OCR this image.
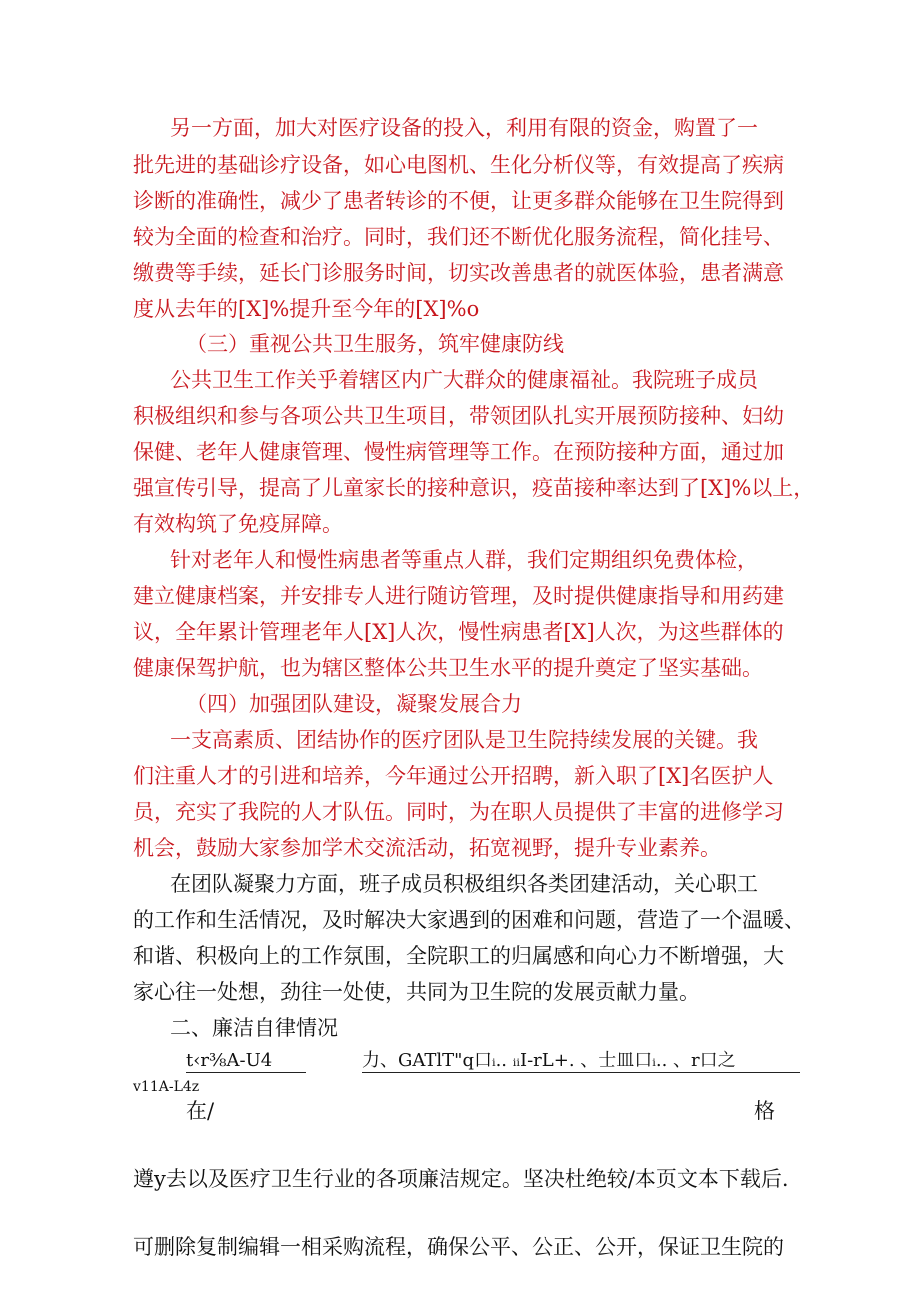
另一方面，加大对医疗设备的投入，利用有限的资金，购置了一
批先进的基础诊疗设备，如心电图机、生化分析仪等，有效提高了疾病
诊断的准确性，减少了患者转诊的不便，让更多群众能够在卫生院得到
较为全面的检查和治疗。同时，我们还不断优化服务流程，简化挂号、
缴费等手续，延长门诊服务时间，切实改善患者的就医体验，患者满意
度从去年的[X]%提升至今年的[X]%o
（三）重视公共卫生服务，筑牢健康防线
公共卫生工作关乎着辖区内广大群众的健康福祉。我院班子成员
积极组织和参与各项公共卫生项目，带领团队扎实开展预防接种、妇幼
保健、老年人健康管理、慢性病管理等工作。在预防接种方面，通过加
强宣传引导，提高了儿童家长的接种意识，疫苗接种率达到了[X]%以上，
有效构筑了免疫屏障。
针对老年人和慢性病患者等重点人群，我们定期组织免费体检，
建立健康档案，并安排专人进行随访管理，及时提供健康指导和用药建
议，全年累计管理老年人[X]人次，慢性病患者[X]人次，为这些群体的
健康保驾护航，也为辖区整体公共卫生水平的提升奠定了坚实基础。
（四）加强团队建设，凝聚发展合力
一支高素质、团结协作的医疗团队是卫生院持续发展的关键。我
们注重人才的引进和培养，今年通过公开招聘，新入职了[X]名医护人
员，充实了我院的人才队伍。同时，为在职人员提供了丰富的进修学习
机会，鼓励大家参加学术交流活动，拓宽视野，提升专业素养。
在团队凝聚力方面，班子成员积极组织各类团建活动，关心职工
的工作和生活情况，及时解决大家遇到的困难和问题，营造了一个温暖、
和谐、积极向上的工作氛围，全院职工的归属感和向心力不断增强，大
家心往一处想，劲往一处使，共同为卫生院的发展贡献力量。
二、廉洁自律情况
t‹r⅜A-U4	力、GATlT"q口ᵢ.. ᵢᵢI-rL+. 、士皿口ᵢ.. 、r口之
v11A-L4z
在/	格
遵y去以及医疗卫生行业的各项廉洁规定。坚决杜绝较/本页文本下载后.
可删除复制编辑一相采购流程，确保公平、公正、公开，保证卫生院的
